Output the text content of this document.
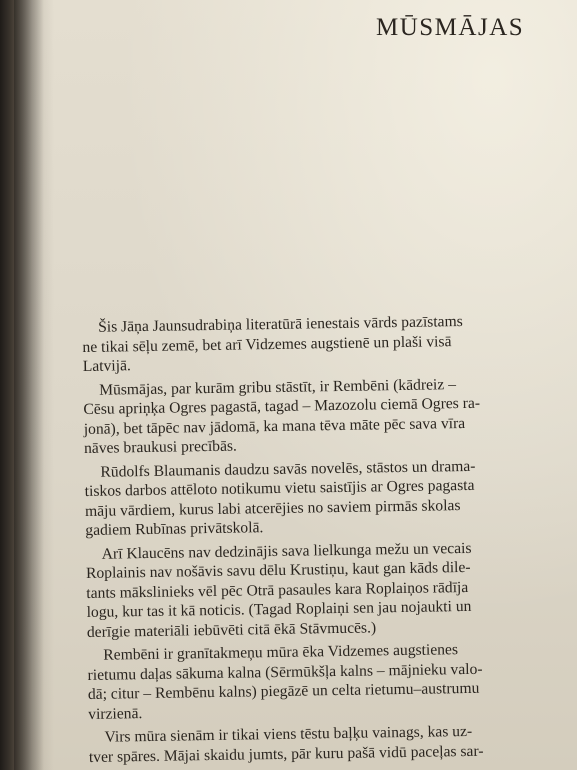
MŪSMĀJAS
Šis Jāņa Jaunsudrabiņa literatūrā ienestais vārds pazīstams
ne tikai sēļu zemē, bet arī Vidzemes augstienē un plaši visā
Latvijā.
Mūsmājas, par kurām gribu stāstīt, ir Rembēni (kādreiz –
Cēsu apriņķa Ogres pagastā, tagad – Mazozolu ciemā Ogres ra-
jonā), bet tāpēc nav jādomā, ka mana tēva māte pēc sava vīra
nāves braukusi precībās.
Rūdolfs Blaumanis daudzu savās novelēs, stāstos un drama-
tiskos darbos attēloto notikumu vietu saistījis ar Ogres pagasta
māju vārdiem, kurus labi atcerējies no saviem pirmās skolas
gadiem Rubīnas privātskolā.
Arī Klaucēns nav dedzinājis sava lielkunga mežu un vecais
Roplainis nav nošāvis savu dēlu Krustiņu, kaut gan kāds dile-
tants mākslinieks vēl pēc Otrā pasaules kara Roplaiņos rādīja
logu, kur tas it kā noticis. (Tagad Roplaiņi sen jau nojaukti un
derīgie materiāli iebūvēti citā ēkā Stāvmucēs.)
Rembēni ir granītakmeņu mūra ēka Vidzemes augstienes
rietumu daļas sākuma kalna (Sērmūkšļa kalns – mājnieku valo-
dā; citur – Rembēnu kalns) piegāzē un celta rietumu–austrumu
virzienā.
Virs mūra sienām ir tikai viens tēstu baļķu vainags, kas uz-
tver spāres. Mājai skaidu jumts, pār kuru pašā vidū paceļas sar-
